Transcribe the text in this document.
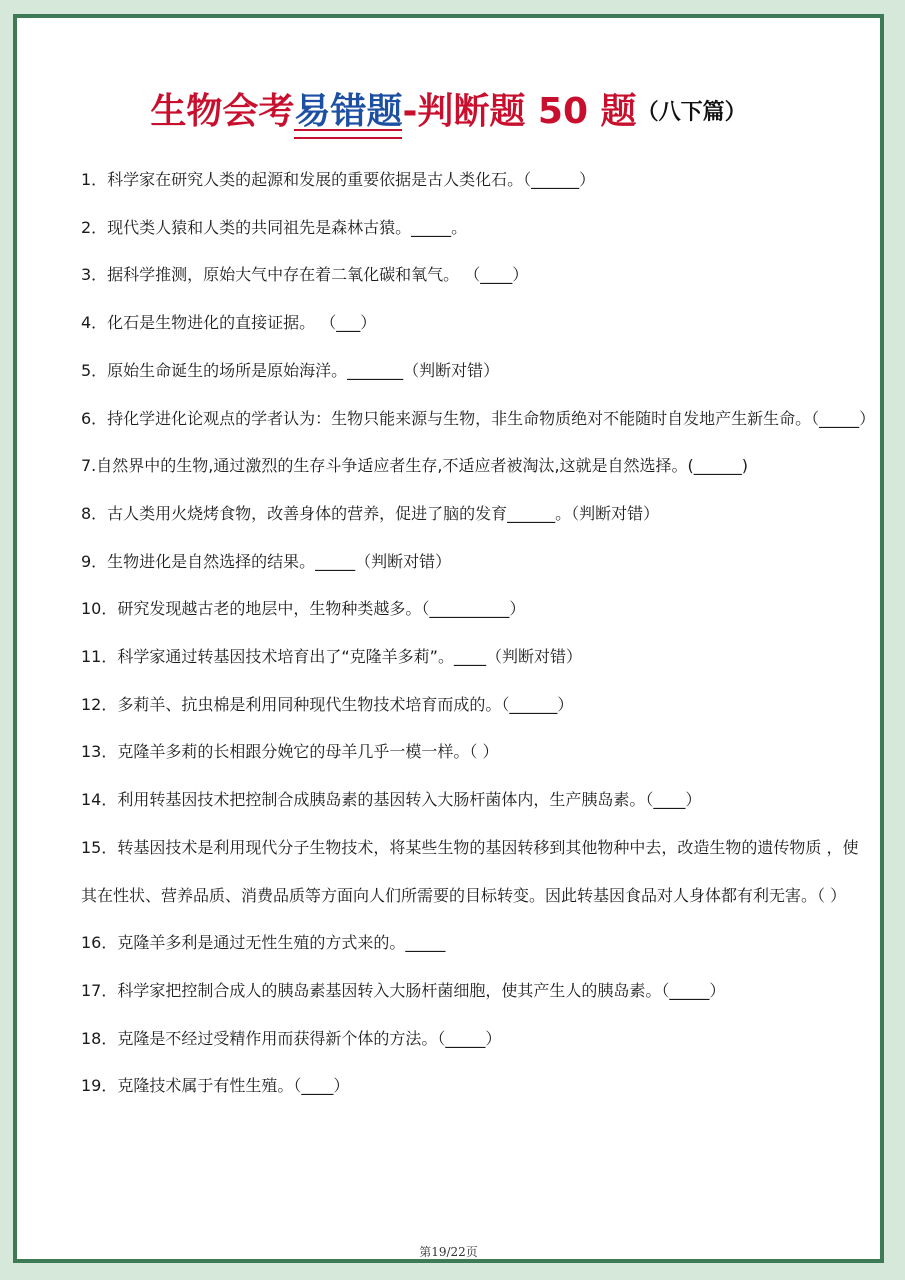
生物会考易错题-判断题 50 题（八下篇）
1．科学家在研究人类的起源和发展的重要依据是古人类化石。（______）
2．现代类人猿和人类的共同祖先是森林古猿。_____。
3．据科学推测，原始大气中存在着二氧化碳和氧气。 （____）
4．化石是生物进化的直接证据。 （___）
5．原始生命诞生的场所是原始海洋。_______（判断对错）
6．持化学进化论观点的学者认为：生物只能来源与生物，非生命物质绝对不能随时自发地产生新生命。（_____）
7.自然界中的生物,通过激烈的生存斗争适应者生存,不适应者被淘汰,这就是自然选择。(______)
8．古人类用火烧烤食物，改善身体的营养，促进了脑的发育______。（判断对错）
9．生物进化是自然选择的结果。_____（判断对错）
10．研究发现越古老的地层中，生物种类越多。（__________）
11．科学家通过转基因技术培育出了“克隆羊多莉”。____（判断对错）
12．多莉羊、抗虫棉是利用同种现代生物技术培育而成的。（______）
13．克隆羊多莉的长相跟分娩它的母羊几乎一模一样。（ ）
14．利用转基因技术把控制合成胰岛素的基因转入大肠杆菌体内，生产胰岛素。（____）
15．转基因技术是利用现代分子生物技术，将某些生物的基因转移到其他物种中去，改造生物的遗传物质 ，使其在性状、营养品质、消费品质等方面向人们所需要的目标转变。因此转基因食品对人身体都有利无害。（ ）
16．克隆羊多利是通过无性生殖的方式来的。_____
17．科学家把控制合成人的胰岛素基因转入大肠杆菌细胞，使其产生人的胰岛素。（_____）
18．克隆是不经过受精作用而获得新个体的方法。（_____）
19．克隆技术属于有性生殖。（____）
第19/22页
